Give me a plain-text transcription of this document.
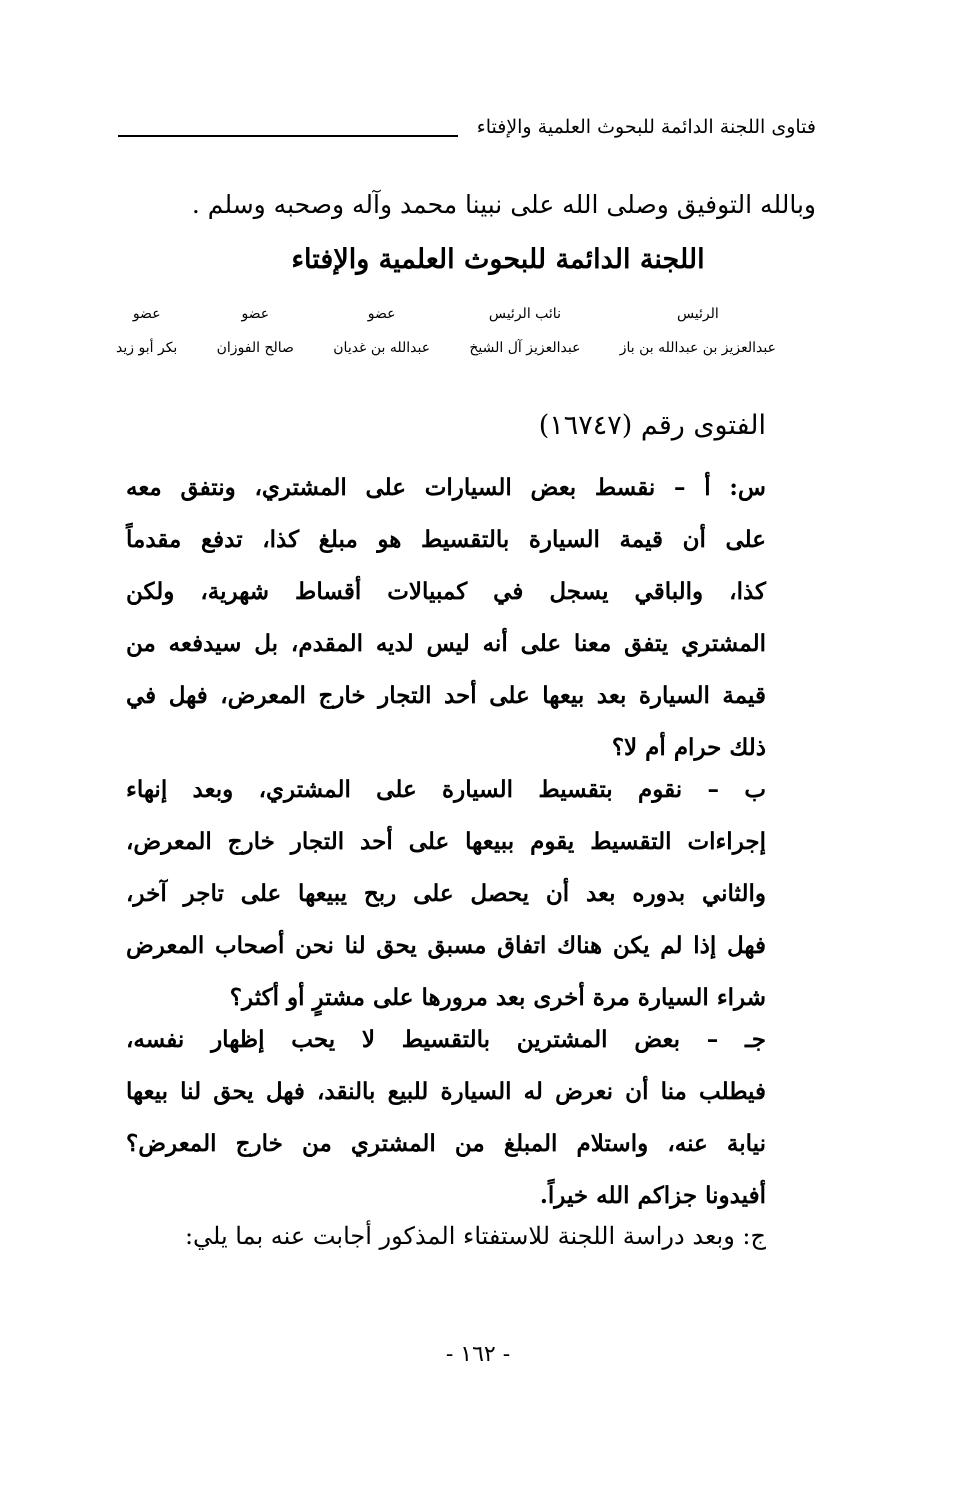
فتاوى اللجنة الدائمة للبحوث العلمية والإفتاء
وبالله التوفيق وصلى الله على نبينا محمد وآله وصحبه وسلم .
اللجنة الدائمة للبحوث العلمية والإفتاء
الرئيس
عبدالعزيز بن عبدالله بن باز
نائب الرئيس
عبدالعزيز آل الشيخ
عضو
عبدالله بن غديان
عضو
صالح الفوزان
عضو
بكر أبو زيد
الفتوى رقم (١٦٧٤٧)
س: أ – نقسط بعض السيارات على المشتري، ونتفق معه
على أن قيمة السيارة بالتقسيط هو مبلغ كذا، تدفع مقدماً
كذا، والباقي يسجل في كمبيالات أقساط شهرية، ولكن
المشتري يتفق معنا على أنه ليس لديه المقدم، بل سيدفعه من
قيمة السيارة بعد بيعها على أحد التجار خارج المعرض، فهل في
ذلك حرام أم لا؟
ب – نقوم بتقسيط السيارة على المشتري، وبعد إنهاء
إجراءات التقسيط يقوم ببيعها على أحد التجار خارج المعرض،
والثاني بدوره بعد أن يحصل على ربح يبيعها على تاجر آخر،
فهل إذا لم يكن هناك اتفاق مسبق يحق لنا نحن أصحاب المعرض
شراء السيارة مرة أخرى بعد مرورها على مشترٍ أو أكثر؟
جـ – بعض المشترين بالتقسيط لا يحب إظهار نفسه،
فيطلب منا أن نعرض له السيارة للبيع بالنقد، فهل يحق لنا بيعها
نيابة عنه، واستلام المبلغ من المشتري من خارج المعرض؟
أفيدونا جزاكم الله خيراً.
ج: وبعد دراسة اللجنة للاستفتاء المذكور أجابت عنه بما يلي:
- ١٦٢ -
